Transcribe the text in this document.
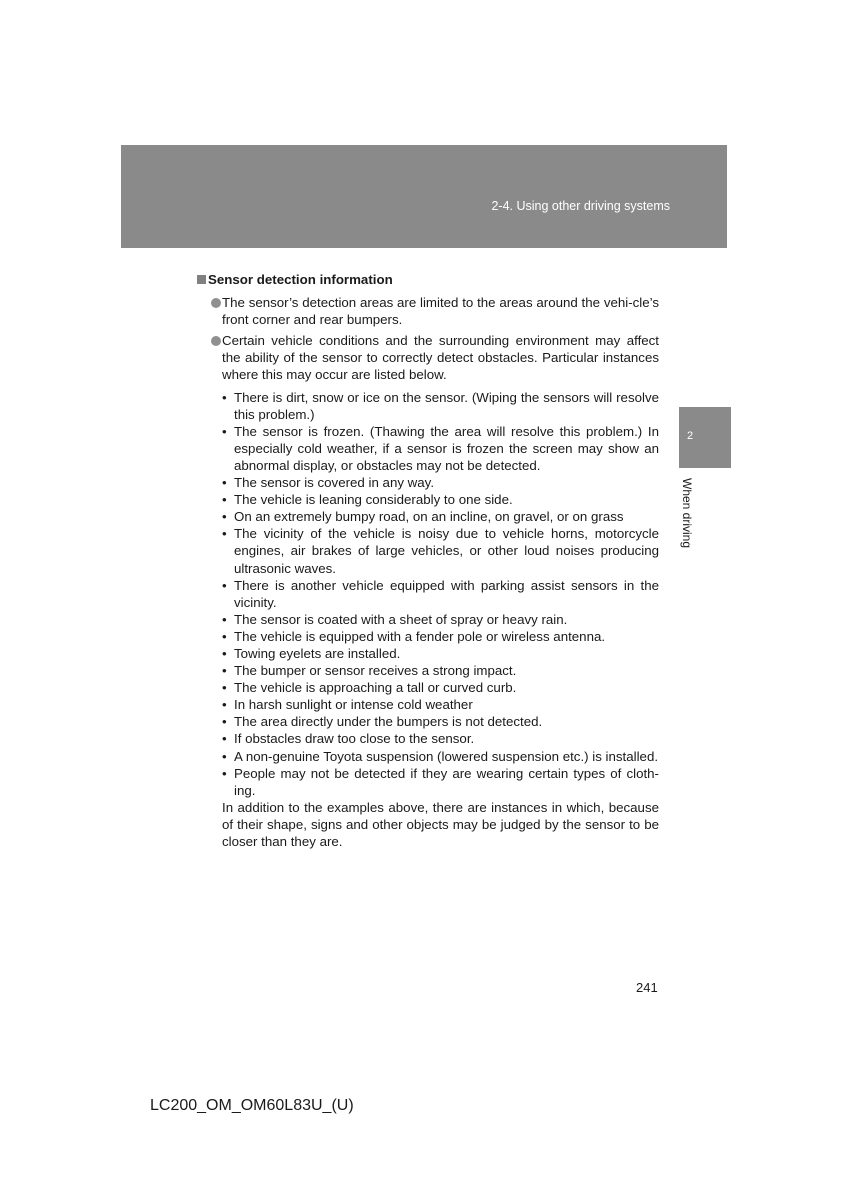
2-4. Using other driving systems
2
When driving
Sensor detection information
The sensor’s detection areas are limited to the areas around the vehi-cle’s front corner and rear bumpers.
Certain vehicle conditions and the surrounding environment may affect the ability of the sensor to correctly detect obstacles. Particular instances where this may occur are listed below.
• There is dirt, snow or ice on the sensor. (Wiping the sensors will resolve this problem.)
• The sensor is frozen. (Thawing the area will resolve this problem.) In especially cold weather, if a sensor is frozen the screen may show an abnormal display, or obstacles may not be detected.
• The sensor is covered in any way.
• The vehicle is leaning considerably to one side.
• On an extremely bumpy road, on an incline, on gravel, or on grass
• The vicinity of the vehicle is noisy due to vehicle horns, motorcycle engines, air brakes of large vehicles, or other loud noises producing ultrasonic waves.
• There is another vehicle equipped with parking assist sensors in the vicinity.
• The sensor is coated with a sheet of spray or heavy rain.
• The vehicle is equipped with a fender pole or wireless antenna.
• Towing eyelets are installed.
• The bumper or sensor receives a strong impact.
• The vehicle is approaching a tall or curved curb.
• In harsh sunlight or intense cold weather
• The area directly under the bumpers is not detected.
• If obstacles draw too close to the sensor.
• A non-genuine Toyota suspension (lowered suspension etc.) is installed.
• People may not be detected if they are wearing certain types of cloth-ing.

In addition to the examples above, there are instances in which, because of their shape, signs and other objects may be judged by the sensor to be closer than they are.

241
LC200_OM_OM60L83U_(U)
